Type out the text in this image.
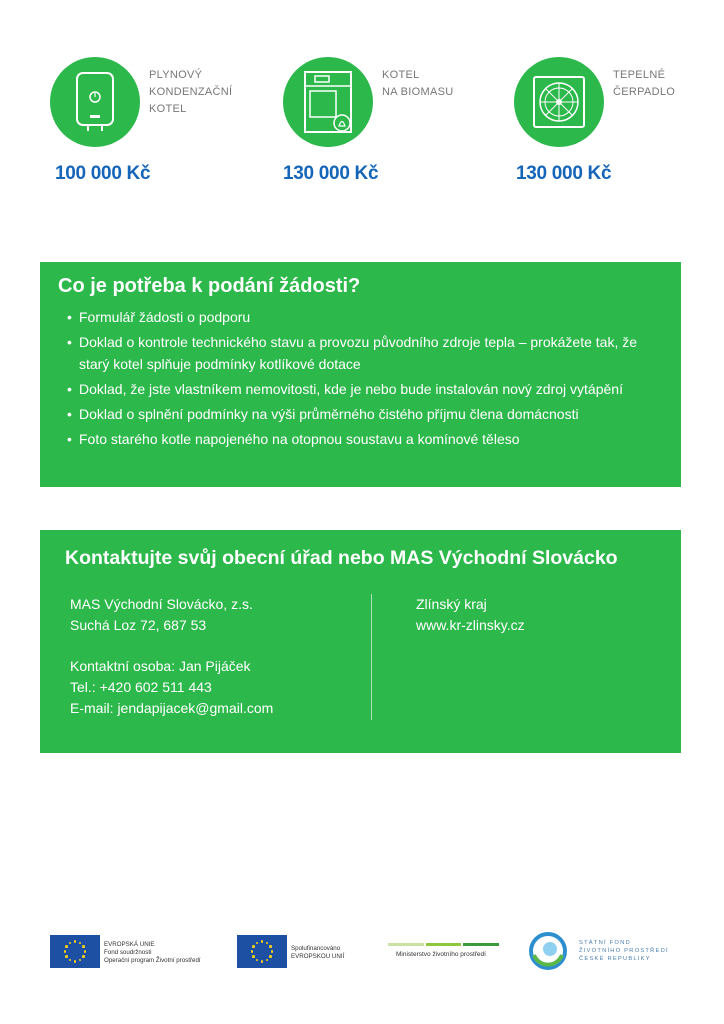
PLYNOVÝ
KONDENZAČNÍ
KOTEL
100 000 Kč
KOTEL
NA BIOMASU
130 000 Kč
TEPELNÉ
ČERPADLO
130 000 Kč
Co je potřeba k podání žádosti?
• Formulář žádosti o podporu
• Doklad o kontrole technického stavu a provozu původního zdroje tepla – prokážete tak, že starý kotel splňuje podmínky kotlíkové dotace
• Doklad, že jste vlastníkem nemovitosti, kde je nebo bude instalován nový zdroj vytápění
• Doklad o splnění podmínky na výši průměrného čistého příjmu člena domácnosti
• Foto starého kotle napojeného na otopnou soustavu a komínové těleso
Kontaktujte svůj obecní úřad nebo MAS Východní Slovácko

MAS Východní Slovácko, z.s.

Suchá Loz 72, 687 53

Kontaktní osoba: Jan Pijáček

Tel.: +420 602 511 443

E-mail: jendapijacek@gmail.com

Zlínský kraj

www.kr-zlinsky.cz

EVROPSKÁ UNIE
Fond soudržnosti
Operační program Životní prostředí
Spolufinancováno
EVROPSKOU UNIÍ	Ministerstvo životního prostředí
STÁTNÍ FOND
ŽIVOTNÍHO PROSTŘEDÍ
ČESKÉ REPUBLIKY
